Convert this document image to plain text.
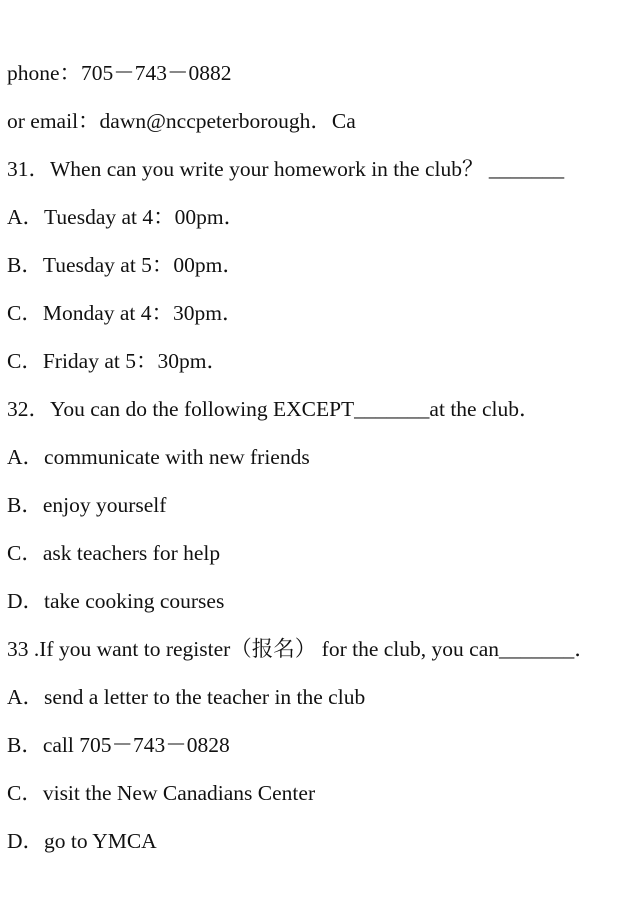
phone：705－743－0882
or email：dawn@nccpeterborough．Ca
31．When can you write your homework in the club？ _______
A．Tuesday at 4：00pm．
B．Tuesday at 5：00pm．
C．Monday at 4：30pm．
C．Friday at 5：30pm．
32．You can do the following EXCEPT_______at the club．
A．communicate with new friends
B．enjoy yourself
C．ask teachers for help
D．take cooking courses
33 .If you want to register（报名） for the club, you can_______．
A．send a letter to the teacher in the club
B．call 705－743－0828
C．visit the New Canadians Center
D．go to YMCA
